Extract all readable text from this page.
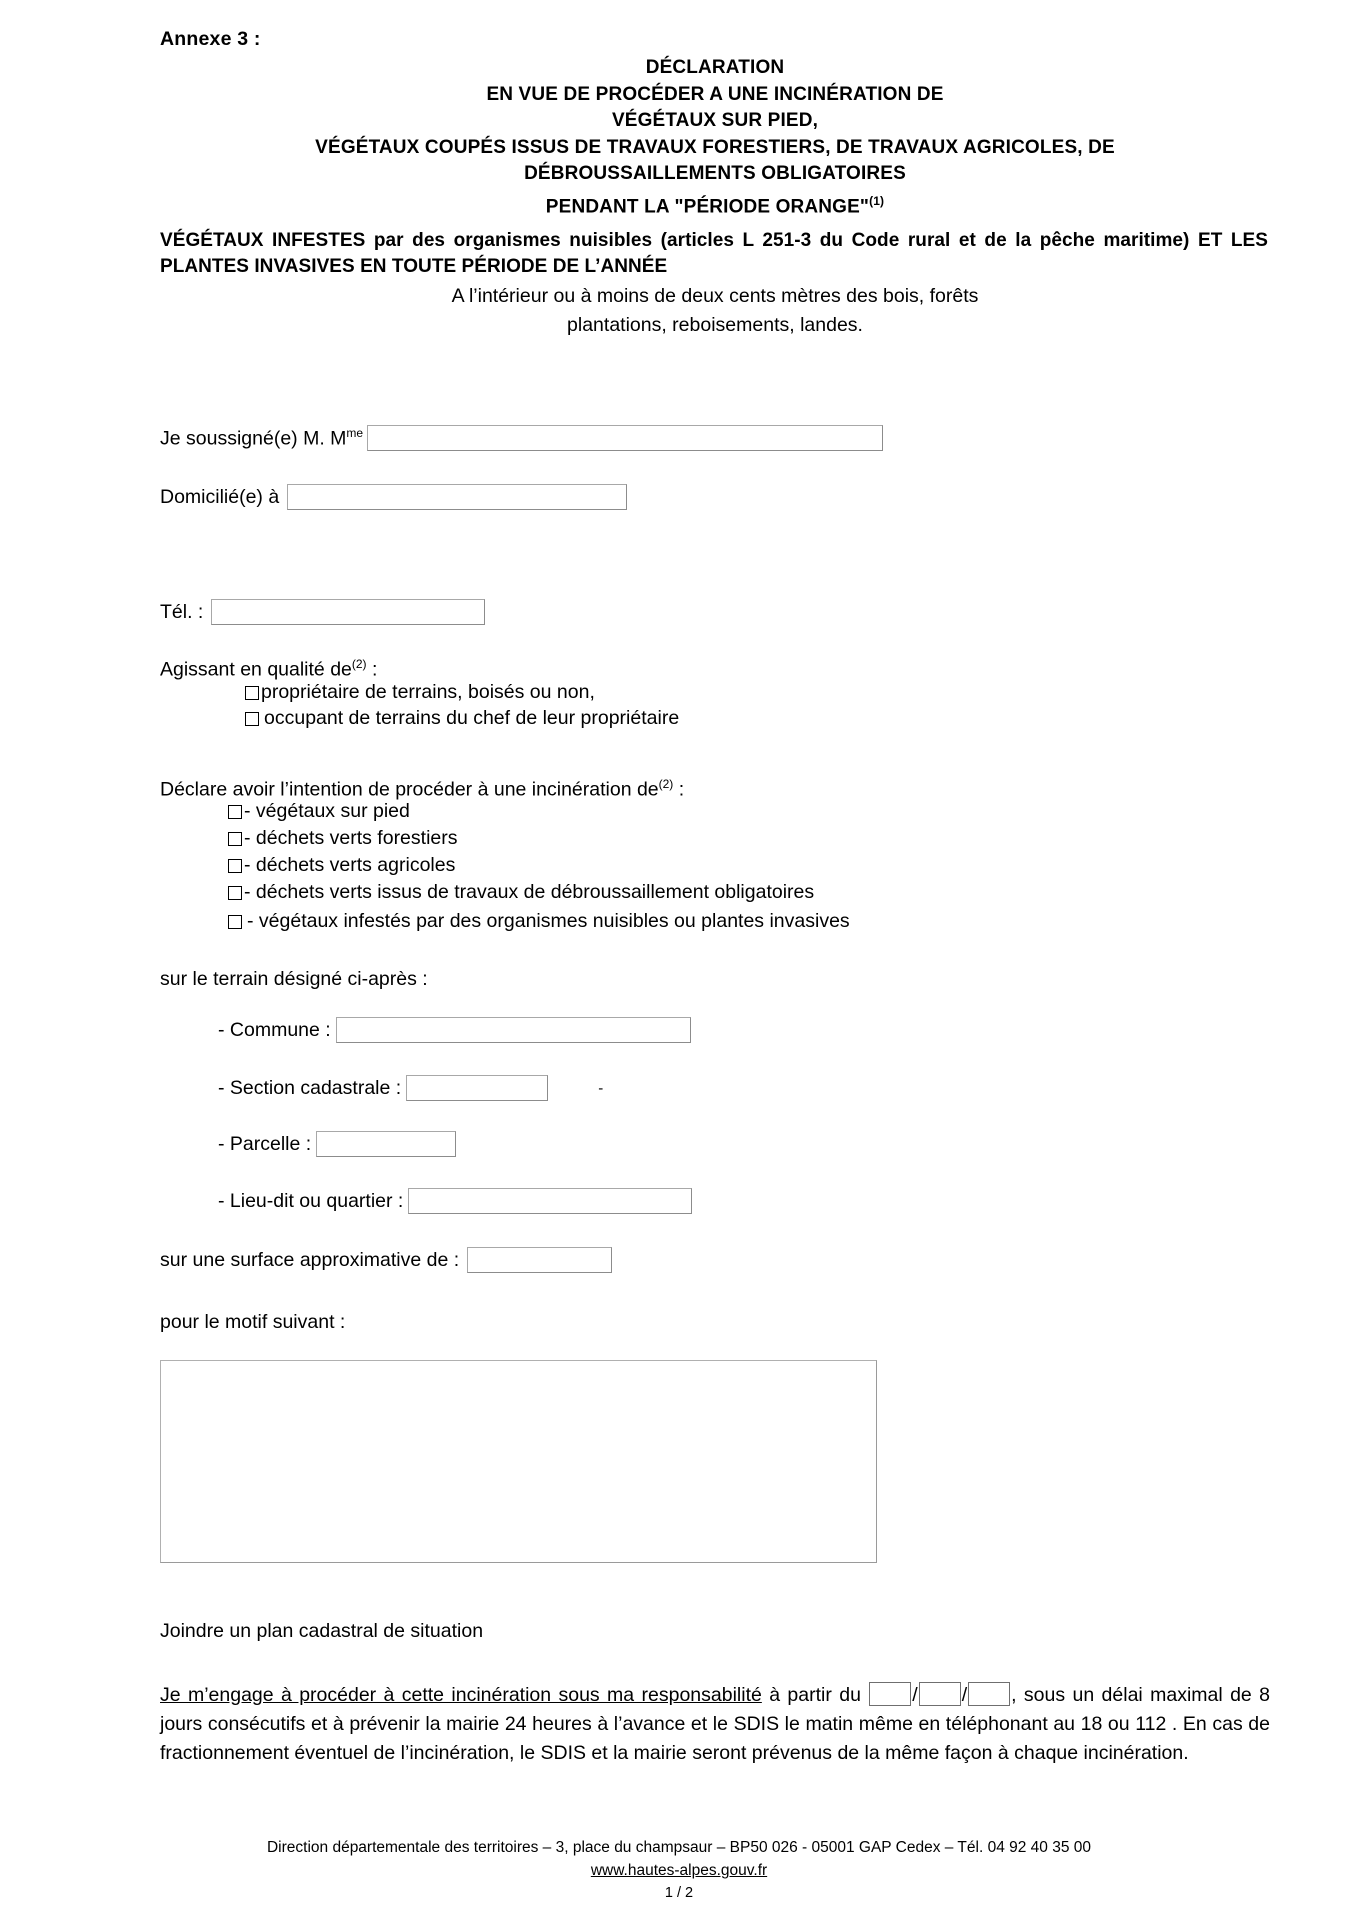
Annexe 3 :
DÉCLARATION
EN VUE DE PROCÉDER A UNE INCINÉRATION DE
VÉGÉTAUX SUR PIED,
VÉGÉTAUX COUPÉS ISSUS DE TRAVAUX FORESTIERS, DE TRAVAUX AGRICOLES, DE
DÉBROUSSAILLEMENTS OBLIGATOIRES
PENDANT LA "PÉRIODE ORANGE"$^{(1)}$
VÉGÉTAUX INFESTES par des organismes nuisibles (articles L 251-3 du Code rural et de la pêche maritime) ET LES PLANTES INVASIVES EN TOUTE PÉRIODE DE L’ANNÉE
A l’intérieur ou à moins de deux cents mètres des bois, forêts
plantations, reboisements, landes.
Je soussigné(e) M. $M^{me}$
Domicilié(e) à
Tél. :
Agissant en qualité $de^{(2)}$ :
propriétaire de terrains, boisés ou non,
occupant de terrains du chef de leur propriétaire
Déclare avoir l’intention de procéder à une incinération $de^{(2)}$ :
- végétaux sur pied
- déchets verts forestiers
- déchets verts agricoles
- déchets verts issus de travaux de débroussaillement obligatoires
- végétaux infestés par des organismes nuisibles ou plantes invasives
sur le terrain désigné ci-après :
- Commune :
- Section cadastrale :	-
- Parcelle :
- Lieu-dit ou quartier :
sur une surface approximative de :
pour le motif suivant :
Joindre un plan cadastral de situation
Je m’engage à procéder à cette incinération sous ma responsabilité à partir du / / , sous un délai maximal de 8 jours consécutifs et à prévenir la mairie 24 heures à l’avance et le SDIS le matin même en téléphonant au 18 ou 112 . En cas de fractionnement éventuel de l’incinération, le SDIS et la mairie seront prévenus de la même façon à chaque incinération.
Direction départementale des territoires – 3, place du champsaur – BP50 026 - 05001 GAP Cedex – Tél. 04 92 40 35 00
www.hautes-alpes.gouv.fr
1 / 2
